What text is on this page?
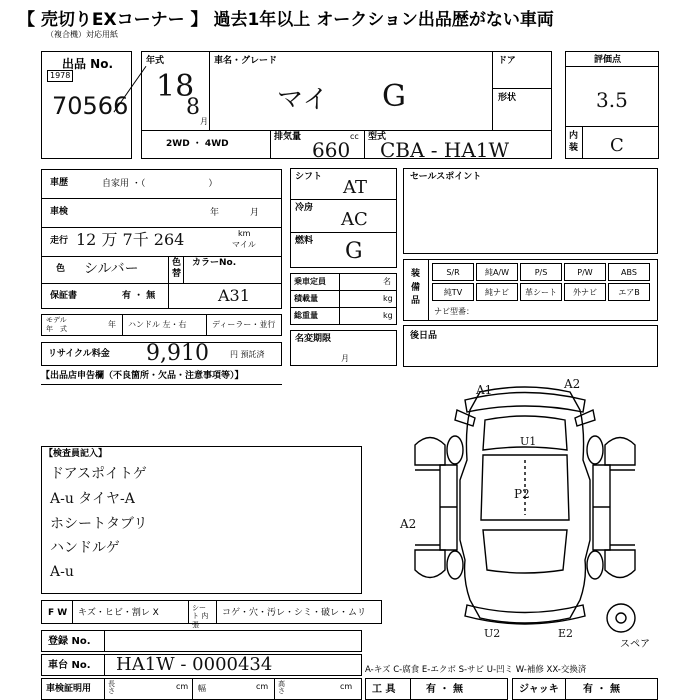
【 売切りEXコーナー 】 過去1年以上 オークション出品歴がない車両
（複合機）対応用紙
出品 No.
1978
70566
年式
18
8
月
車名・グレード
マイ G
ドア
形状
2WD ・ 4WD
排気量	cc
660
型式
CBA - HA1W
評価点
3.5
内装 C
車歴	自家用 ・（　　　　　　　）
車検	年	月
走行 12 万 7千 264	km
マイル
色 シルバー	色替
カラーNo.
保証書	有 ・ 無	A31
モデル
年　式	年 ハンドル 左・右	ディーラー・並行
リサイクル料金 9,910	円 預託済
シフト AT
冷房
AC
燃料 G
乗車定員	名
積載量	kg
総重量	kg
名変期限
月
セールスポイント
装備品
ナビ型番：
S/R	純A/W	P/S	P/W	ABS
純TV	純ナビ	革シート	外ナビ	エアB
後日品
【出品店申告欄（不良箇所・欠品・注意事項等）】
【検査員記入】
ドアスポイトゲ
A-u タイヤ-A
ホシートタブリ
ハンドルゲ
A-u
A1	A2
U1
A2
P2
U2	E2
スペア
F W キズ・ヒビ・割レ X	シート 内張
コゲ・穴・汚レ・シミ・破レ・ムリ
登録 No.
車台 No. HA1W - 0000434
車検証明用 長さ	cm 幅	cm 高さ	cm
A-キズ C-腐食 E-エクボ S-サビ U-凹ミ W-補修 XX-交換済
工 具	有 ・ 無	ジャッキ 有 ・ 無
